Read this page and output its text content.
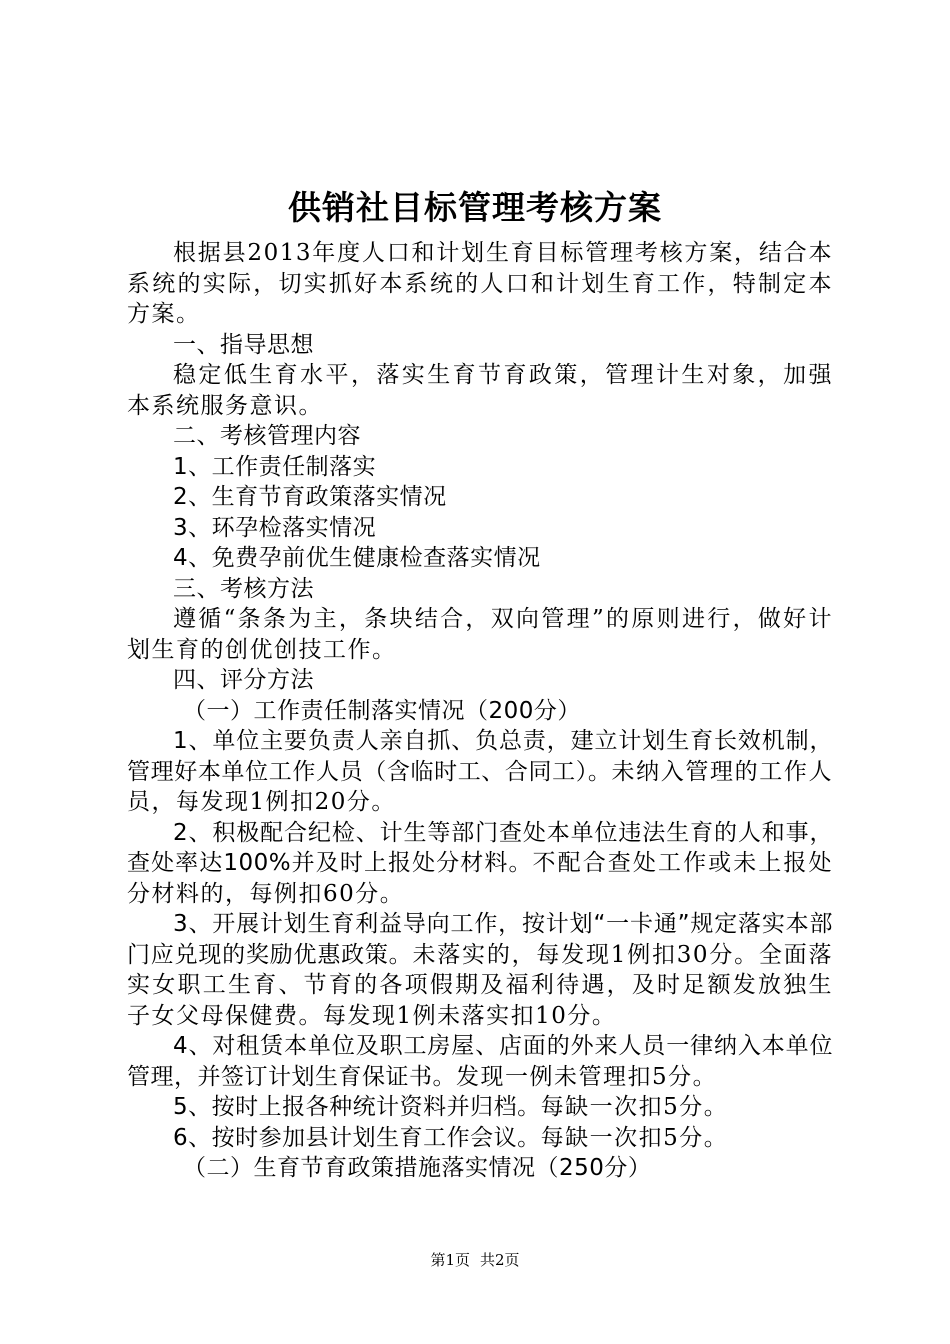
供销社目标管理考核方案

根据县2013年度人口和计划生育目标管理考核方案，结合本系统的实际，切实抓好本系统的人口和计划生育工作，特制定本方案。

一、指导思想

稳定低生育水平，落实生育节育政策，管理计生对象，加强本系统服务意识。

二、考核管理内容

1、工作责任制落实

2、生育节育政策落实情况

3、环孕检落实情况

4、免费孕前优生健康检查落实情况

三、考核方法

遵循“条条为主，条块结合，双向管理”的原则进行，做好计划生育的创优创技工作。

四、评分方法

（一）工作责任制落实情况（200分）

1、单位主要负责人亲自抓、负总责，建立计划生育长效机制，管理好本单位工作人员（含临时工、合同工）。未纳入管理的工作人员，每发现1例扣20分。

2、积极配合纪检、计生等部门查处本单位违法生育的人和事，查处率达100%并及时上报处分材料。不配合查处工作或未上报处分材料的，每例扣60分。

3、开展计划生育利益导向工作，按计划“一卡通”规定落实本部门应兑现的奖励优惠政策。未落实的，每发现1例扣30分。全面落实女职工生育、节育的各项假期及福利待遇，及时足额发放独生子女父母保健费。每发现1例未落实扣10分。

4、对租赁本单位及职工房屋、店面的外来人员一律纳入本单位管理，并签订计划生育保证书。发现一例未管理扣5分。

5、按时上报各种统计资料并归档。每缺一次扣5分。

6、按时参加县计划生育工作会议。每缺一次扣5分。

（二）生育节育政策措施落实情况（250分）

第1页 共2页
